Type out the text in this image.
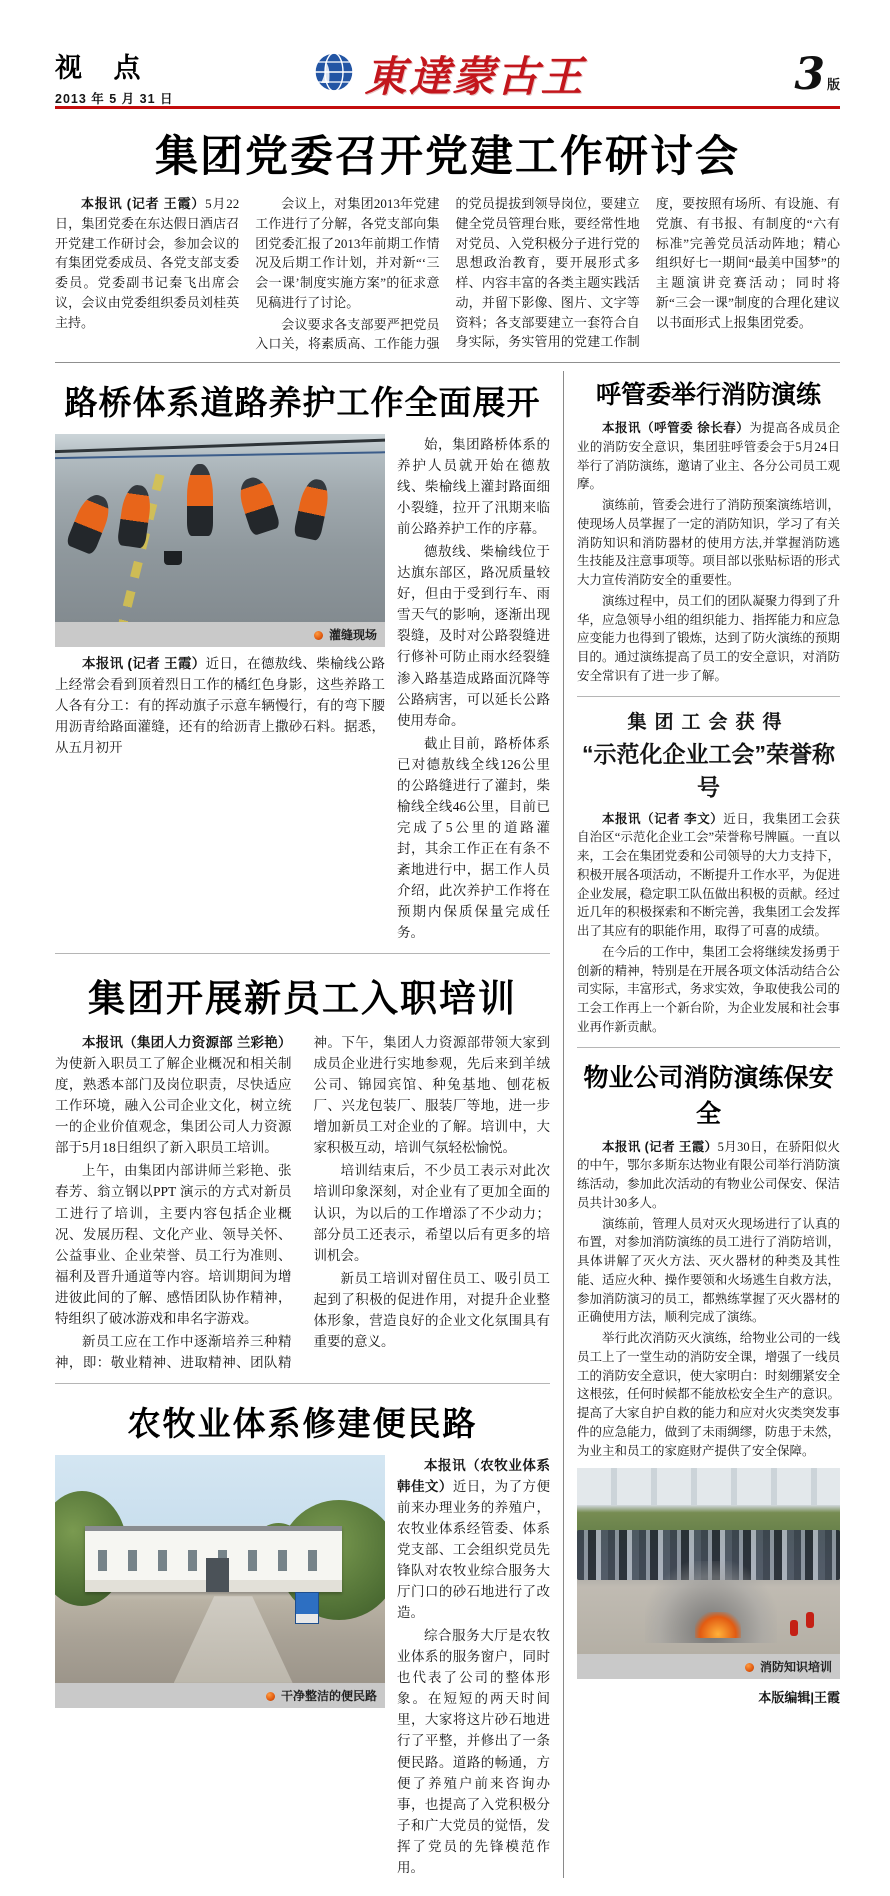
视 点
2013 年 5 月 31 日	東達蒙古王	3 版
集团党委召开党建工作研讨会

本报讯 (记者 王霞）5月22日，集团党委在东达假日酒店召开党建工作研讨会，参加会议的有集团党委成员、各党支部支委委员。党委副书记秦飞出席会议，会议由党委组织委员刘桂英主持。

会议上，对集团2013年党建工作进行了分解，各党支部向集团党委汇报了2013年前期工作情况及后期工作计划，并对新“‘三会一课’制度实施方案”的征求意见稿进行了讨论。

会议要求各支部要严把党员入口关，将素质高、工作能力强的党员提拔到领导岗位，要建立健全党员管理台账，要经常性地对党员、入党积极分子进行党的思想政治教育，要开展形式多样、内容丰富的各类主题实践活动，并留下影像、图片、文字等资料；各支部要建立一套符合自身实际，务实管用的党建工作制度，要按照有场所、有设施、有党旗、有书报、有制度的“六有标准”完善党员活动阵地；精心组织好七一期间“最美中国梦”的主题演讲竞赛活动；同时将新“三会一课”制度的合理化建议以书面形式上报集团党委。

路桥体系道路养护工作全面展开
灌缝现场

本报讯 (记者 王霞）近日，在德敖线、柴榆线公路上经常会看到顶着烈日工作的橘红色身影，这些养路工人各有分工：有的挥动旗子示意车辆慢行，有的弯下腰用沥青给路面灌缝，还有的给沥青上撒砂石料。据悉，从五月初开

始，集团路桥体系的养护人员就开始在德敖线、柴榆线上灌封路面细小裂缝，拉开了汛期来临前公路养护工作的序幕。

德敖线、柴榆线位于达旗东部区，路况质量较好，但由于受到行车、雨雪天气的影响，逐渐出现裂缝，及时对公路裂缝进行修补可防止雨水经裂缝渗入路基造成路面沉降等公路病害，可以延长公路使用寿命。

截止目前，路桥体系已对德敖线全线126公里的公路缝进行了灌封，柴榆线全线46公里，目前已完成了5公里的道路灌封，其余工作正在有条不紊地进行中，据工作人员介绍，此次养护工作将在预期内保质保量完成任务。

集团开展新员工入职培训

本报讯（集团人力资源部 兰彩艳）为使新入职员工了解企业概况和相关制度，熟悉本部门及岗位职责，尽快适应工作环境，融入公司企业文化，树立统一的企业价值观念，集团公司人力资源部于5月18日组织了新入职员工培训。

上午，由集团内部讲师兰彩艳、张春芳、翁立钢以PPT 演示的方式对新员工进行了培训，主要内容包括企业概况、发展历程、文化产业、领导关怀、公益事业、企业荣誉、员工行为准则、福利及晋升通道等内容。培训期间为增进彼此间的了解、感悟团队协作精神，特组织了破冰游戏和串名字游戏。

新员工应在工作中逐渐培养三种精神，即：敬业精神、进取精神、团队精神。下午，集团人力资源部带领大家到成员企业进行实地参观，先后来到羊绒公司、锦园宾馆、种兔基地、刨花板厂、兴龙包装厂、服装厂等地，进一步增加新员工对企业的了解。培训中，大家积极互动，培训气氛轻松愉悦。

培训结束后，不少员工表示对此次培训印象深刻，对企业有了更加全面的认识，为以后的工作增添了不少动力；部分员工还表示，希望以后有更多的培训机会。

新员工培训对留住员工、吸引员工起到了积极的促进作用，对提升企业整体形象，营造良好的企业文化氛围具有重要的意义。

农牧业体系修建便民路
干净整洁的便民路

本报讯（农牧业体系 韩佳文）近日，为了方便前来办理业务的养殖户，农牧业体系经管委、体系党支部、工会组织党员先锋队对农牧业综合服务大厅门口的砂石地进行了改造。

综合服务大厅是农牧业体系的服务窗户，同时也代表了公司的整体形象。在短短的两天时间里，大家将这片砂石地进行了平整，并修出了一条便民路。道路的畅通，方便了养殖户前来咨询办事，也提高了入党积极分子和广大党员的觉悟，发挥了党员的先锋模范作用。

呼管委举行消防演练

本报讯（呼管委 徐长春）为提高各成员企业的消防安全意识，集团驻呼管委会于5月24日举行了消防演练，邀请了业主、各分公司员工观摩。

演练前，管委会进行了消防预案演练培训，使现场人员掌握了一定的消防知识，学习了有关消防知识和消防器材的使用方法,并掌握消防逃生技能及注意事项等。项目部以张贴标语的形式大力宣传消防安全的重要性。

演练过程中，员工们的团队凝聚力得到了升华，应急领导小组的组织能力、指挥能力和应急应变能力也得到了锻炼，达到了防火演练的预期目的。通过演练提高了员工的安全意识，对消防安全常识有了进一步了解。

集团工会获得
“示范化企业工会”荣誉称号

本报讯（记者 李文）近日，我集团工会获自治区“示范化企业工会”荣誉称号牌匾。一直以来，工会在集团党委和公司领导的大力支持下，积极开展各项活动，不断提升工作水平，为促进企业发展，稳定职工队伍做出积极的贡献。经过近几年的积极探索和不断完善，我集团工会发挥出了其应有的职能作用，取得了可喜的成绩。

在今后的工作中，集团工会将继续发扬勇于创新的精神，特别是在开展各项文体活动结合公司实际，丰富形式，务求实效，争取使我公司的工会工作再上一个新台阶，为企业发展和社会事业再作新贡献。

物业公司消防演练保安全

本报讯 (记者 王霞）5月30日，在骄阳似火的中午，鄂尔多斯东达物业有限公司举行消防演练活动，参加此次活动的有物业公司保安、保洁员共计30多人。

演练前，管理人员对灭火现场进行了认真的布置，对参加消防演练的员工进行了消防培训，具体讲解了灭火方法、灭火器材的种类及其性能、适应火种、操作要领和火场逃生自救方法，参加消防演习的员工，都熟练掌握了灭火器材的正确使用方法，顺利完成了演练。

举行此次消防灭火演练，给物业公司的一线员工上了一堂生动的消防安全课，增强了一线员工的消防安全意识，使大家明白：时刻绷紧安全这根弦，任何时候都不能放松安全生产的意识。提高了大家自护自救的能力和应对火灾类突发事件的应急能力，做到了未雨绸缪，防患于未然，为业主和员工的家庭财产提供了安全保障。

消防知识培训
本版编辑|王霞
